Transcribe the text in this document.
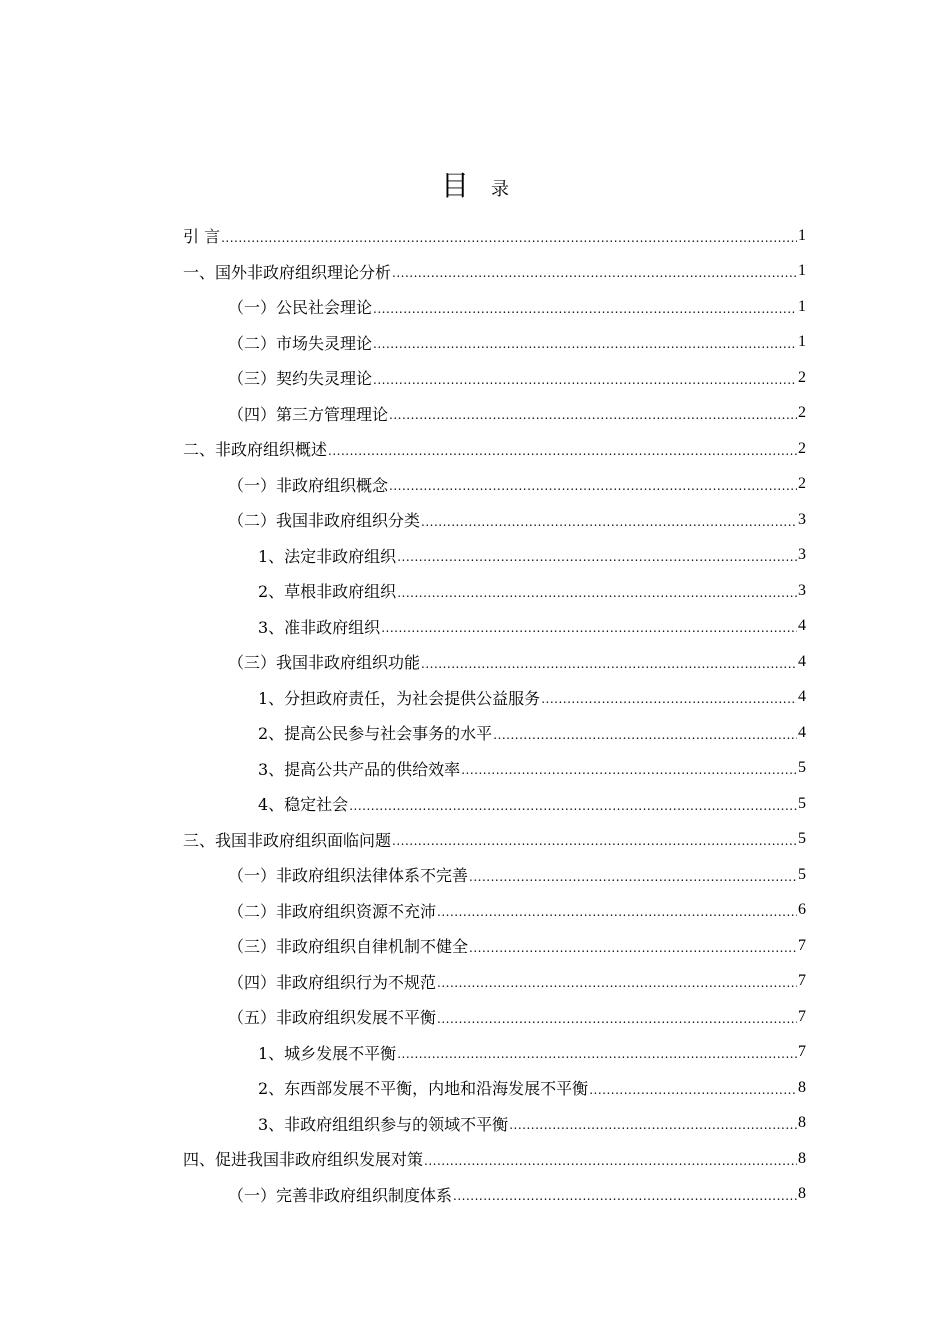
目 录
引 言 .....	1
一、国外非政府组织理论分析 .....	1
（一）公民社会理论 .....	1
（二）市场失灵理论 .....	1
（三）契约失灵理论 .....	2
（四）第三方管理理论 .....	2
二、非政府组织概述 .....	2
（一）非政府组织概念 .....	2
（二）我国非政府组织分类 .....	3
1、法定非政府组织 .....	3
2、草根非政府组织 .....	3
3、准非政府组织 .....	4
（三）我国非政府组织功能 .....	4
1、分担政府责任，为社会提供公益服务 .....	4
2、提高公民参与社会事务的水平 .....	4
3、提高公共产品的供给效率 .....	5
4、稳定社会 .....	5
三、我国非政府组织面临问题 .....	5
（一）非政府组织法律体系不完善 .....	5
（二）非政府组织资源不充沛 .....	6
（三）非政府组织自律机制不健全 .....	7
（四）非政府组织行为不规范 .....	7
（五）非政府组织发展不平衡 .....	7
1、城乡发展不平衡 .....	7
2、东西部发展不平衡，内地和沿海发展不平衡 .....	8
3、非政府组组织参与的领域不平衡 .....	8
四、促进我国非政府组织发展对策 .....	8
（一）完善非政府组织制度体系 .....	8
